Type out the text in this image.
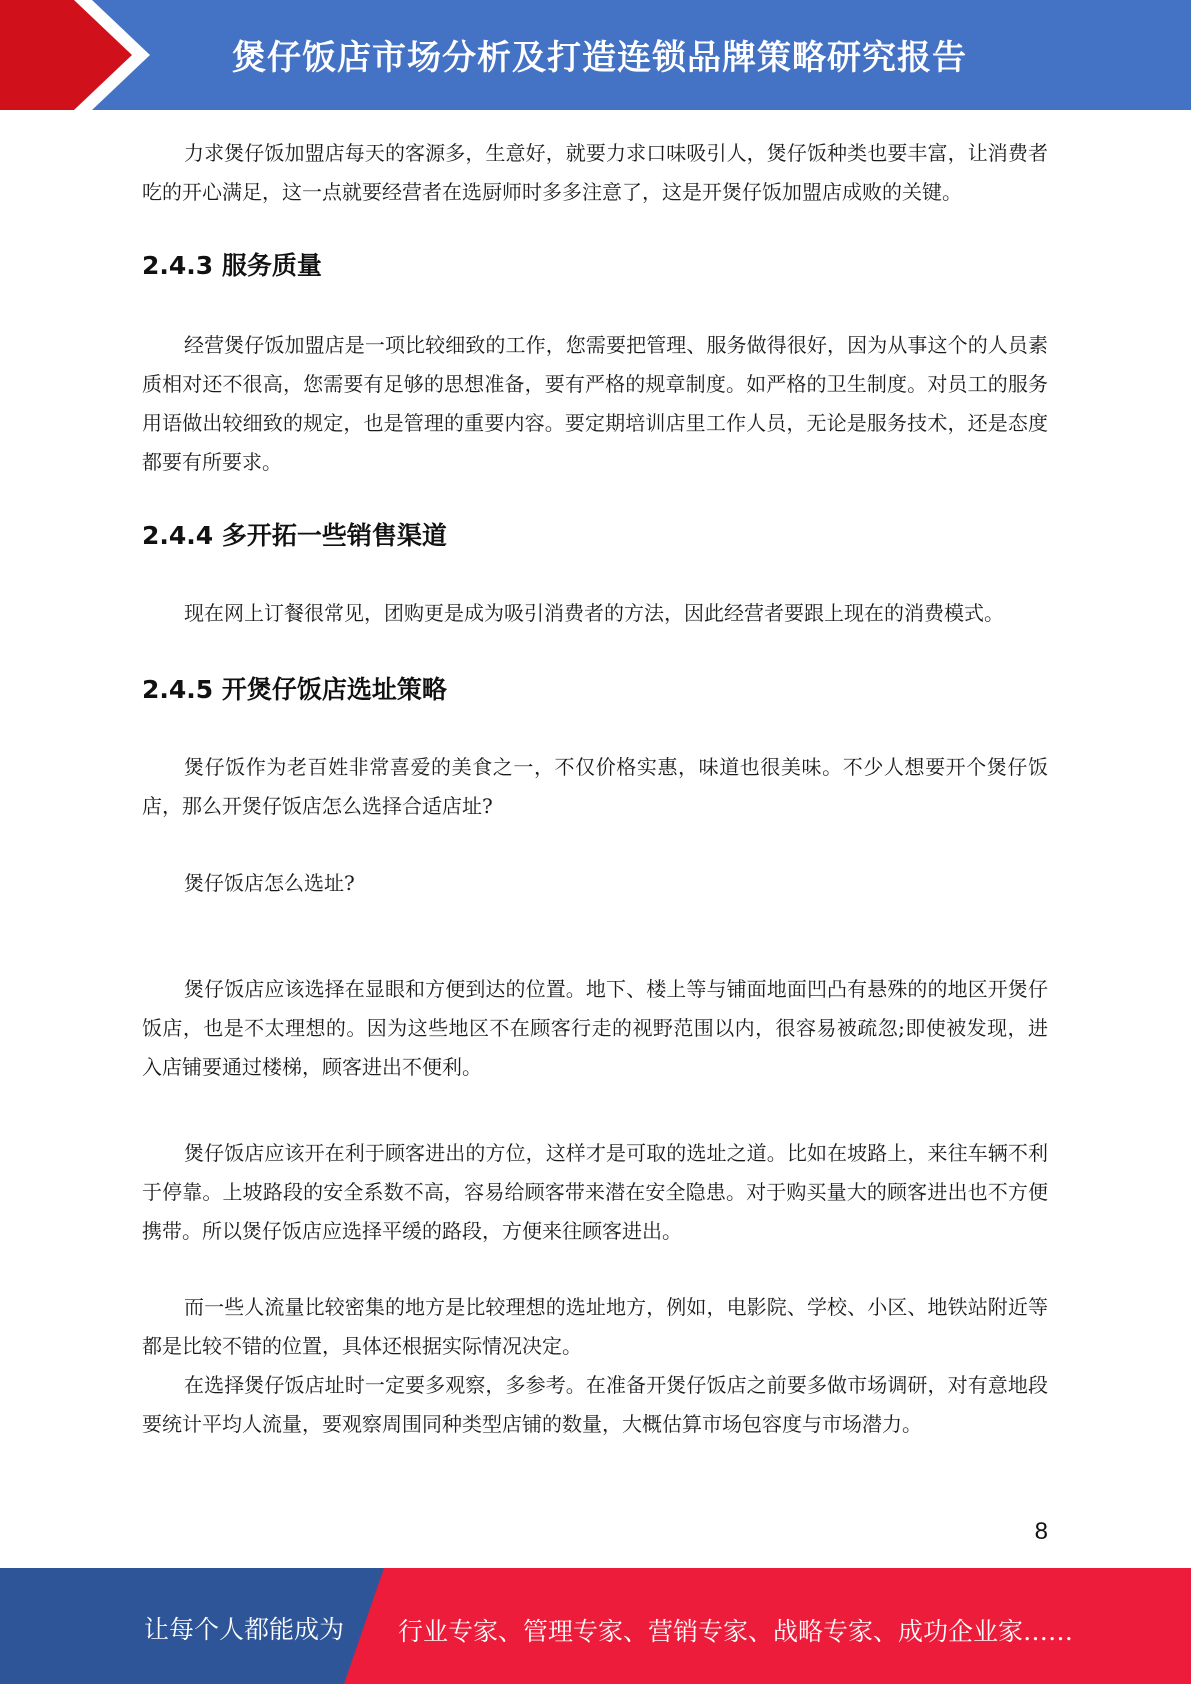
煲仔饭店市场分析及打造连锁品牌策略研究报告

力求煲仔饭加盟店每天的客源多，生意好，就要力求口味吸引人，煲仔饭种类也要丰富，让消费者吃的开心满足，这一点就要经营者在选厨师时多多注意了，这是开煲仔饭加盟店成败的关键。

2.4.3 服务质量

经营煲仔饭加盟店是一项比较细致的工作，您需要把管理、服务做得很好，因为从事这个的人员素质相对还不很高，您需要有足够的思想准备，要有严格的规章制度。如严格的卫生制度。对员工的服务用语做出较细致的规定，也是管理的重要内容。要定期培训店里工作人员，无论是服务技术，还是态度都要有所要求。

2.4.4 多开拓一些销售渠道

现在网上订餐很常见，团购更是成为吸引消费者的方法，因此经营者要跟上现在的消费模式。

2.4.5 开煲仔饭店选址策略

煲仔饭作为老百姓非常喜爱的美食之一，不仅价格实惠，味道也很美味。不少人想要开个煲仔饭店，那么开煲仔饭店怎么选择合适店址?

煲仔饭店怎么选址?

煲仔饭店应该选择在显眼和方便到达的位置。地下、楼上等与铺面地面凹凸有悬殊的的地区开煲仔饭店，也是不太理想的。因为这些地区不在顾客行走的视野范围以内，很容易被疏忽;即使被发现，进入店铺要通过楼梯，顾客进出不便利。

煲仔饭店应该开在利于顾客进出的方位，这样才是可取的选址之道。比如在坡路上，来往车辆不利于停靠。上坡路段的安全系数不高，容易给顾客带来潜在安全隐患。对于购买量大的顾客进出也不方便携带。所以煲仔饭店应选择平缓的路段，方便来往顾客进出。

而一些人流量比较密集的地方是比较理想的选址地方，例如，电影院、学校、小区、地铁站附近等都是比较不错的位置，具体还根据实际情况决定。

在选择煲仔饭店址时一定要多观察，多参考。在准备开煲仔饭店之前要多做市场调研，对有意地段要统计平均人流量，要观察周围同种类型店铺的数量，大概估算市场包容度与市场潜力。

8
让每个人都能成为 行业专家、管理专家、营销专家、战略专家、成功企业家……
